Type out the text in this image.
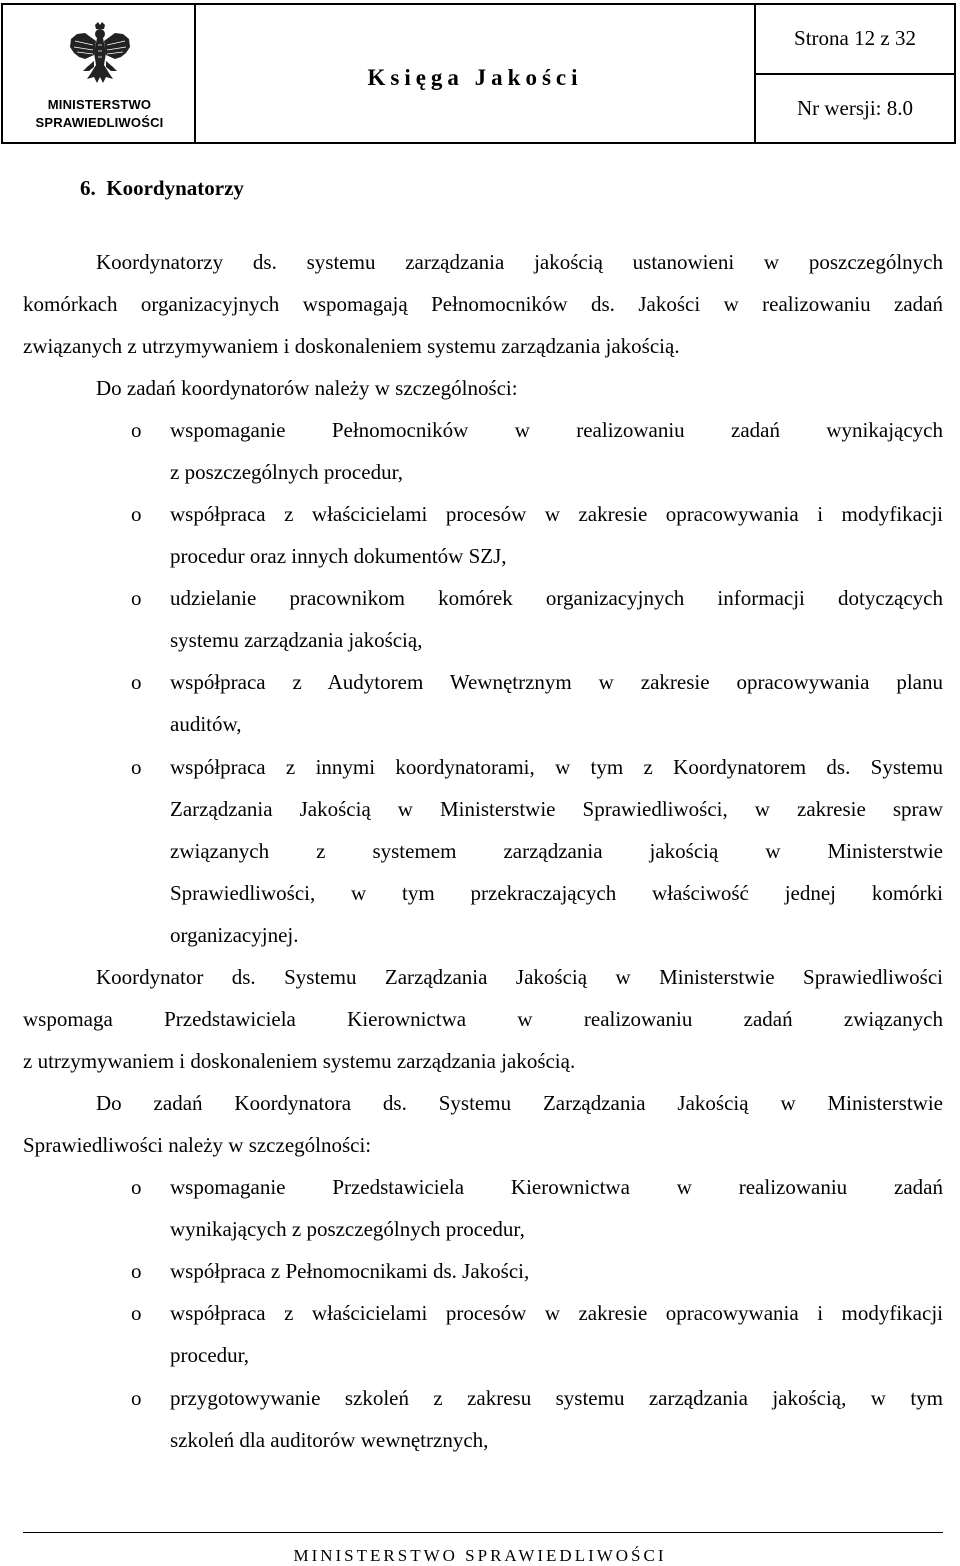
MINISTERSTWO
SPRAWIEDLIWOŚCI
Księga Jakości
Strona 12 z 32
Nr wersji: 8.0
6. Koordynatorzy
Koordynatorzy ds. systemu zarządzania jakością ustanowieni w poszczególnych
komórkach organizacyjnych wspomagają Pełnomocników ds. Jakości w realizowaniu zadań
związanych z utrzymywaniem i doskonaleniem systemu zarządzania jakością.
Do zadań koordynatorów należy w szczególności:
o wspomaganie Pełnomocników w realizowaniu zadań wynikających
z poszczególnych procedur,
o współpraca z właścicielami procesów w zakresie opracowywania i modyfikacji
procedur oraz innych dokumentów SZJ,
o udzielanie pracownikom komórek organizacyjnych informacji dotyczących
systemu zarządzania jakością,
o współpraca z Audytorem Wewnętrznym w zakresie opracowywania planu
auditów,
o współpraca z innymi koordynatorami, w tym z Koordynatorem ds. Systemu
Zarządzania Jakością w Ministerstwie Sprawiedliwości, w zakresie spraw
związanych z systemem zarządzania jakością w Ministerstwie
Sprawiedliwości, w tym przekraczających właściwość jednej komórki
organizacyjnej.
Koordynator ds. Systemu Zarządzania Jakością w Ministerstwie Sprawiedliwości
wspomaga Przedstawiciela Kierownictwa w realizowaniu zadań związanych
z utrzymywaniem i doskonaleniem systemu zarządzania jakością.
Do zadań Koordynatora ds. Systemu Zarządzania Jakością w Ministerstwie
Sprawiedliwości należy w szczególności:
o wspomaganie Przedstawiciela Kierownictwa w realizowaniu zadań
wynikających z poszczególnych procedur,
o współpraca z Pełnomocnikami ds. Jakości,
o współpraca z właścicielami procesów w zakresie opracowywania i modyfikacji
procedur,
o przygotowywanie szkoleń z zakresu systemu zarządzania jakością, w tym
szkoleń dla auditorów wewnętrznych,
MINISTERSTWO SPRAWIEDLIWOŚCI
